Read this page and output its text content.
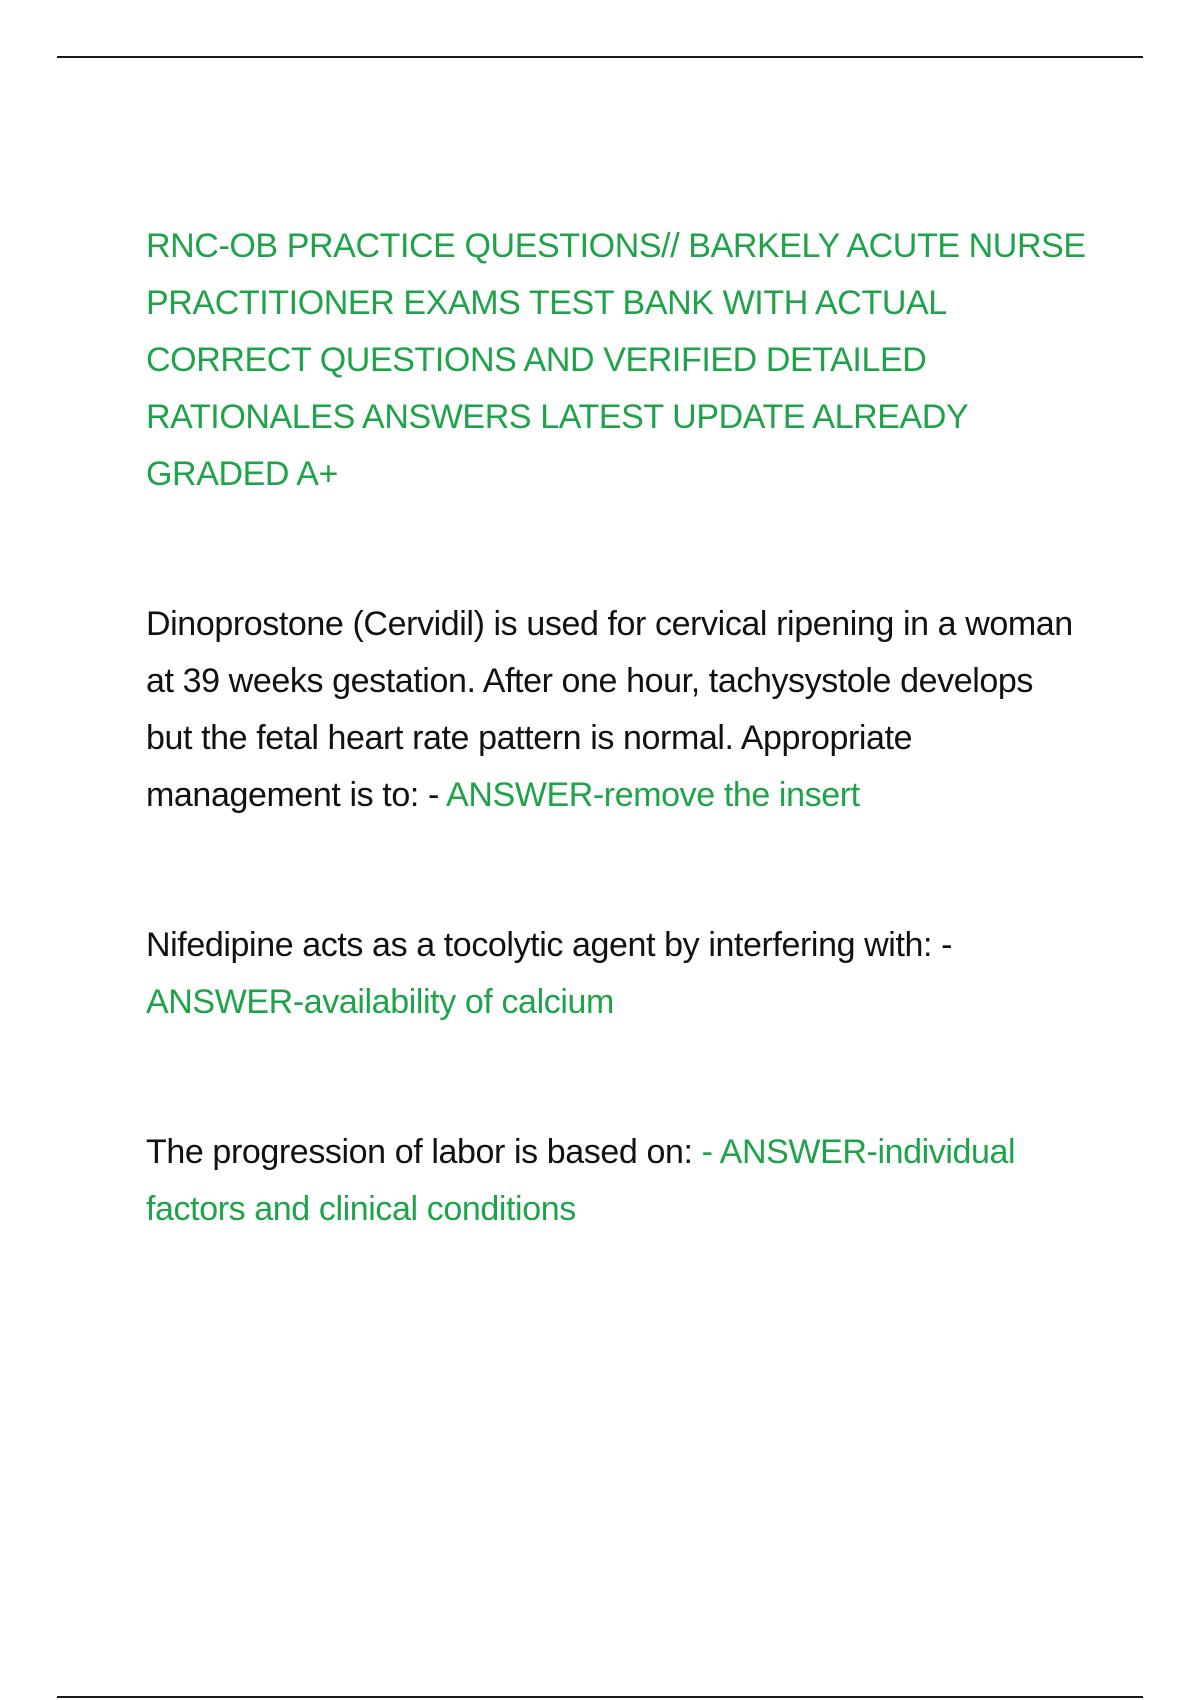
RNC-OB PRACTICE QUESTIONS// BARKELY ACUTE NURSE PRACTITIONER EXAMS TEST BANK WITH ACTUAL CORRECT QUESTIONS AND VERIFIED DETAILED RATIONALES ANSWERS LATEST UPDATE ALREADY GRADED A+

Dinoprostone (Cervidil) is used for cervical ripening in a woman at 39 weeks gestation. After one hour, tachysystole develops but the fetal heart rate pattern is normal. Appropriate management is to: - ANSWER-remove the insert

Nifedipine acts as a tocolytic agent by interfering with: - ANSWER-availability of calcium

The progression of labor is based on: - ANSWER-individual factors and clinical conditions
